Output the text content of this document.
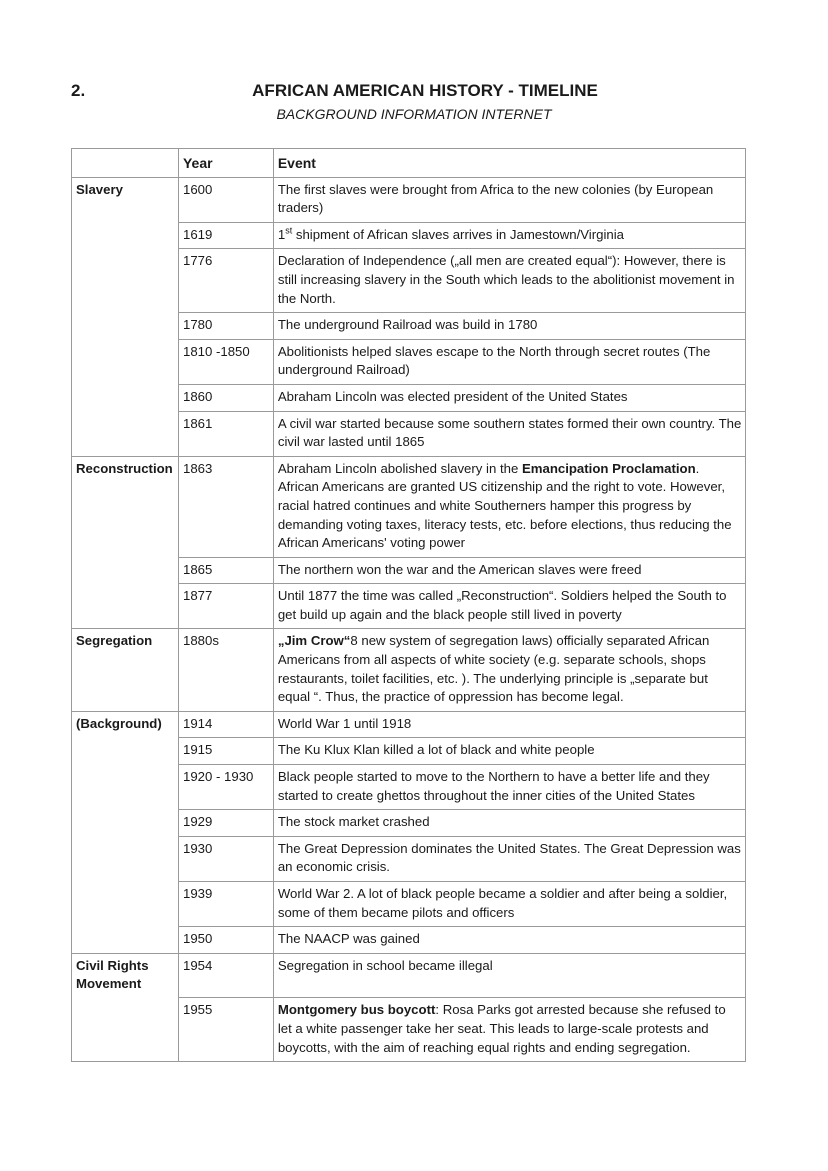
2.	AFRICAN AMERICAN HISTORY - TIMELINE
BACKGROUND INFORMATION INTERNET
	Year	Event
Slavery	1600	The first slaves were brought from Africa to the new colonies (by European traders)
	1619	1st shipment of African slaves arrives in Jamestown/Virginia
	1776	Declaration of Independence („all men are created equal“): However, there is still increasing slavery in the South which leads to the abolitionist movement in the North.
	1780	The underground Railroad was build in 1780
	1810 -1850	Abolitionists helped slaves escape to the North through secret routes (The underground Railroad)
	1860	Abraham Lincoln was elected president of the United States
	1861	A civil war started because some southern states formed their own country. The civil war lasted until 1865
Reconstruction	1863	Abraham Lincoln abolished slavery in the Emancipation Proclamation. African Americans are granted US citizenship and the right to vote. However, racial hatred continues and white Southerners hamper this progress by demanding voting taxes, literacy tests, etc. before elections, thus reducing the African Americans' voting power
	1865	The northern won the war and the American slaves were freed
	1877	Until 1877 the time was called „Reconstruction“. Soldiers helped the South to get build up again and the black people still lived in poverty
Segregation	1880s	„Jim Crow“8 new system of segregation laws) officially separated African Americans from all aspects of white society (e.g. separate schools, shops restaurants, toilet facilities, etc. ). The underlying principle is „separate but equal “. Thus, the practice of oppression has become legal.
(Background)	1914	World War 1 until 1918
	1915	The Ku Klux Klan killed a lot of black and white people
	1920 - 1930	Black people started to move to the Northern to have a better life and they started to create ghettos throughout the inner cities of the United States
	1929	The stock market crashed
	1930	The Great Depression dominates the United States. The Great Depression was an economic crisis.
	1939	World War 2. A lot of black people became a soldier and after being a soldier, some of them became pilots and officers
	1950	The NAACP was gained
Civil Rights Movement	1954	Segregation in school became illegal
	1955	Montgomery bus boycott: Rosa Parks got arrested because she refused to let a white passenger take her seat. This leads to large-scale protests and boycotts, with the aim of reaching equal rights and ending segregation.
